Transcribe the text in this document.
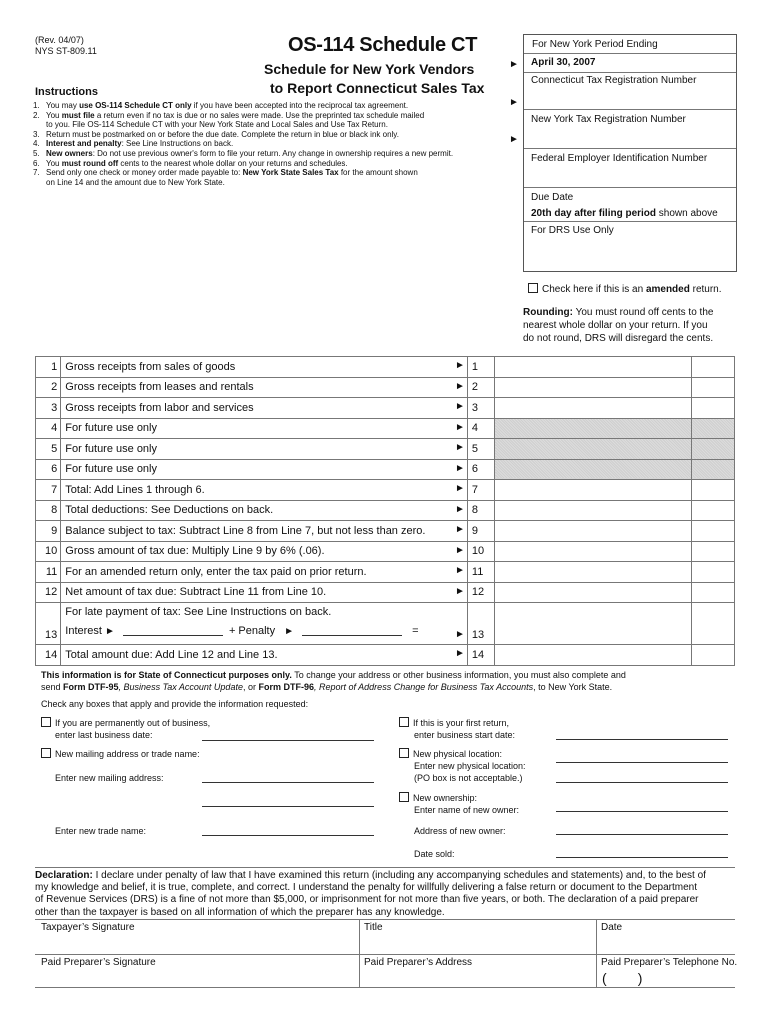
(Rev. 04/07)
NYS ST-809.11	OS-114 Schedule CT
Schedule for New York Vendors
to Report Connecticut Sales Tax
►
►
►
Instructions
1. You may use OS-114 Schedule CT only if you have been accepted into the reciprocal tax agreement.
2. You must file a return even if no tax is due or no sales were made. Use the preprinted tax schedule mailed
to you. File OS-114 Schedule CT with your New York State and Local Sales and Use Tax Return.
3. Return must be postmarked on or before the due date. Complete the return in blue or black ink only.
4. Interest and penalty: See Line Instructions on back.
5. New owners: Do not use previous owner's form to file your return. Any change in ownership requires a new permit.
6. You must round off cents to the nearest whole dollar on your returns and schedules.
7. Send only one check or money order made payable to: New York State Sales Tax for the amount shown
on Line 14 and the amount due to New York State.
For New York Period Ending
April 30, 2007
Connecticut Tax Registration Number
New York Tax Registration Number
Federal Employer Identification Number
Due Date
20th day after filing period shown above
For DRS Use Only
Check here if this is an amended return.
Rounding: You must round off cents to the
nearest whole dollar on your return. If you
do not round, DRS will disregard the cents.
1	Gross receipts from sales of goods ►	1		
2	Gross receipts from leases and rentals ►	2		
3	Gross receipts from labor and services ►	3		
4	For future use only ►	4		
5	For future use only ►	5		
6	For future use only ►	6		
7	Total: Add Lines 1 through 6. ►	7		
8	Total deductions: See Deductions on back. ►	8		
9	Balance subject to tax: Subtract Line 8 from Line 7, but not less than zero. ►	9		
10	Gross amount of tax due: Multiply Line 9 by 6% (.06). ►	10		
11	For an amended return only, enter the tax paid on prior return. ►	11		
12	Net amount of tax due: Subtract Line 11 from Line 10. ►	12		
13	For late payment of tax: See Line Instructions on back.
Interest ► + Penalty ► = ►	13		
14	Total amount due: Add Line 12 and Line 13. ►	14		
This information is for State of Connecticut purposes only. To change your address or other business information, you must also complete and
send Form DTF-95, Business Tax Account Update, or Form DTF-96, Report of Address Change for Business Tax Accounts, to New York State.
Check any boxes that apply and provide the information requested:
If you are permanently out of business,
enter last business date:
New mailing address or trade name:
Enter new mailing address:
Enter new trade name:
If this is your first return,
enter business start date:
New physical location:
Enter new physical location:
(PO box is not acceptable.)
New ownership:
Enter name of new owner:
Address of new owner:
Date sold:
Declaration: I declare under penalty of law that I have examined this return (including any accompanying schedules and statements) and, to the best of
my knowledge and belief, it is true, complete, and correct. I understand the penalty for willfully delivering a false return or document to the Department
of Revenue Services (DRS) is a fine of not more than $5,000, or imprisonment for not more than five years, or both. The declaration of a paid preparer
other than the taxpayer is based on all information of which the preparer has any knowledge.
Taxpayer’s Signature	Title	Date
Paid Preparer’s Signature	Paid Preparer’s Address	Paid Preparer’s Telephone No.
(        )
